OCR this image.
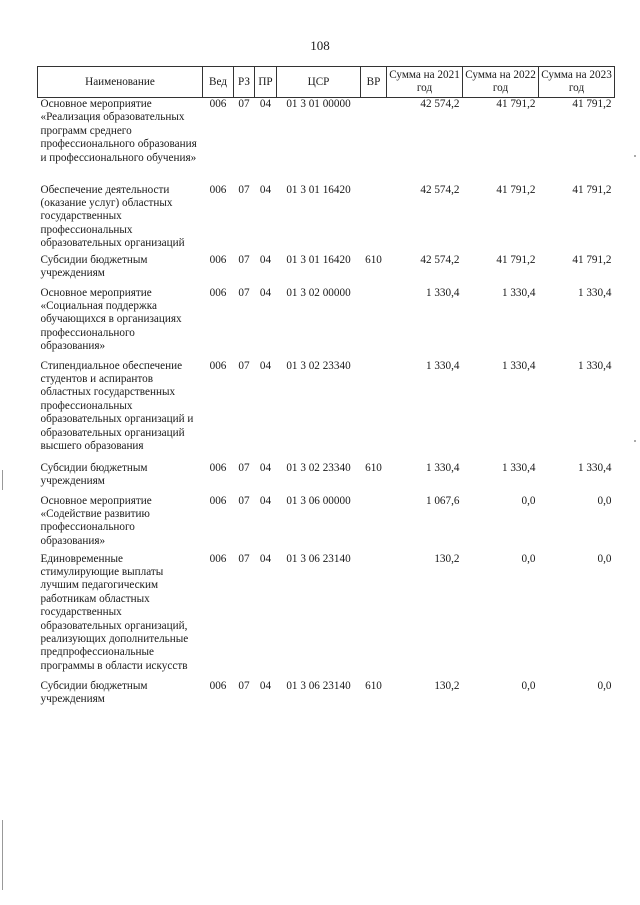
108
Наименование	Вед	РЗ	ПР	ЦСР	ВР	Сумма на 2021 год	Сумма на 2022 год	Сумма на 2023 год
Основное мероприятие «Реализация образовательных программ среднего профессионального образования и профессионального обучения»	006	07	04	01 3 01 00000		42 574,2	41 791,2	41 791,2
Обеспечение деятельности (оказание услуг) областных государственных профессиональных образовательных организаций	006	07	04	01 3 01 16420		42 574,2	41 791,2	41 791,2
Субсидии бюджетным учреждениям	006	07	04	01 3 01 16420	610	42 574,2	41 791,2	41 791,2
Основное мероприятие «Социальная поддержка обучающихся в организациях профессионального образования»	006	07	04	01 3 02 00000		1 330,4	1 330,4	1 330,4
Стипендиальное обеспечение студентов и аспирантов областных государственных профессиональных образовательных организаций и образовательных организаций высшего образования	006	07	04	01 3 02 23340		1 330,4	1 330,4	1 330,4
Субсидии бюджетным учреждениям	006	07	04	01 3 02 23340	610	1 330,4	1 330,4	1 330,4
Основное мероприятие «Содействие развитию профессионального образования»	006	07	04	01 3 06 00000		1 067,6	0,0	0,0
Единовременные стимулирующие выплаты лучшим педагогическим работникам областных государственных образовательных организаций, реализующих дополнительные предпрофессиональные программы в области искусств	006	07	04	01 3 06 23140		130,2	0,0	0,0
Субсидии бюджетным учреждениям	006	07	04	01 3 06 23140	610	130,2	0,0	0,0
